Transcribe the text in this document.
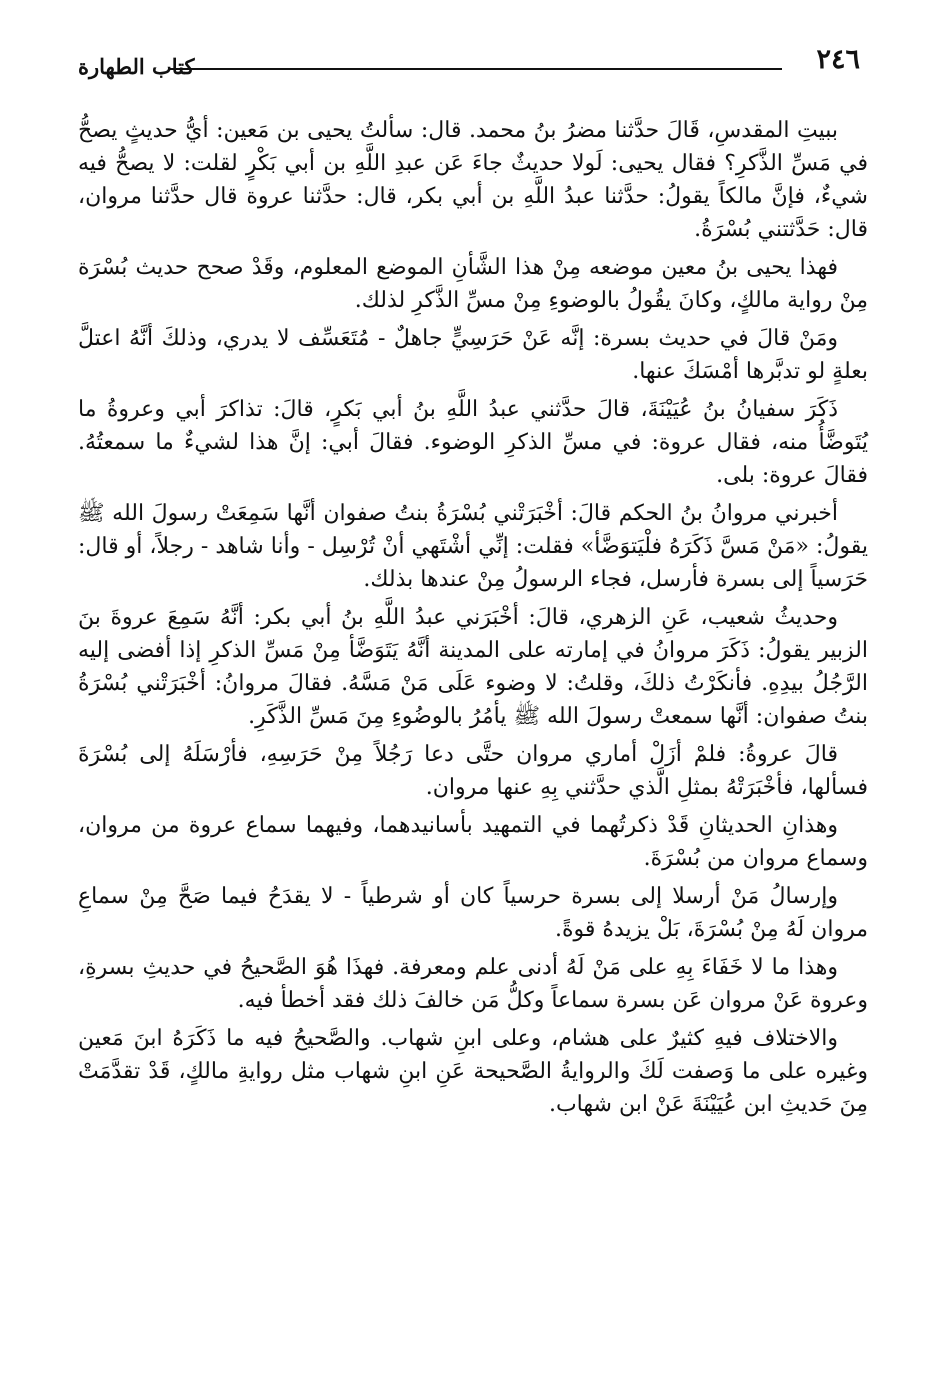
٢٤٦
كتاب الطهارة

ببيتِ المقدسِ، قَالَ حدَّثنا مضرُ بنُ محمد. قال: سألتُ يحيى بن مَعين: أيُّ حديثٍ يصحُّ في مَسِّ الذَّكرِ؟ فقال يحيى: لَولا حديثٌ جاءَ عَن عبدِ اللَّهِ بن أبي بَكْرٍ لقلت: لا يصحُّ فيه شيءٌ، فإنَّ مالكاً يقولُ: حدَّثنا عبدُ اللَّهِ بن أبي بكر، قال: حدَّثنا عروة قال حدَّثنا مروان، قال: حَدَّثتني بُسْرَةُ.

فهذا يحيى بنُ معين موضعه مِنْ هذا الشَّأنِ الموضع المعلوم، وقَدْ صحح حديث بُسْرَة مِنْ رواية مالكٍ، وكانَ يقُولُ بالوضوءِ مِنْ مسِّ الذَّكرِ لذلك.

ومَنْ قالَ في حديث بسرة: إنَّه عَنْ حَرَسِيٍّ جاهلٌ - مُتَعَسِّف لا يدري، وذلكَ أنَّهُ اعتلَّ بعلةٍ لو تدبَّرها أمْسَكَ عنها.

ذَكَرَ سفيانُ بنُ عُيَيْنَةَ، قالَ حدَّثني عبدُ اللَّهِ بنُ أبي بَكرٍ، قالَ: تذاكرَ أبي وعروةُ ما يُتَوضَّأُ منه، فقال عروة: في مسِّ الذكرِ الوضوء. فقالَ أبي: إنَّ هذا لشيءٌ ما سمعتُهُ. فقالَ عروة: بلى.

أخبرني مروانُ بنُ الحكم قالَ: أخْبَرَتْني بُسْرَةُ بنتُ صفوان أنَّها سَمِعَتْ رسولَ الله ﷺ يقولُ: «مَنْ مَسَّ ذَكَرَهُ فلْيَتوَضَّأ» فقلت: إنِّي أشْتَهي أنْ تُرْسِل - وأنا شاهد - رجلاً، أو قال: حَرَسياً إلى بسرة فأرسل، فجاء الرسولُ مِنْ عندها بذلك.

وحديثُ شعيب، عَنِ الزهري، قالَ: أخْبَرَني عبدُ اللَّهِ بنُ أبي بكر: أنَّهُ سَمِعَ عروةَ بنَ الزبير يقولُ: ذَكَرَ مروانُ في إمارته على المدينة أنَّهُ يَتَوَضَّأ مِنْ مَسِّ الذكرِ إذا أفضى إليه الرَّجُلُ بيدِهِ. فأنكَرْتُ ذلكَ، وقلتُ: لا وضوء عَلَى مَنْ مَسَّهُ. فقالَ مروانُ: أخْبَرَتْني بُسْرَةُ بنتُ صفوان: أنَّها سمعتْ رسولَ الله ﷺ يأمُرُ بالوضُوءِ مِنَ مَسِّ الذَّكَرِ.

قالَ عروةُ: فلمْ أزَلْ أماري مروان حتَّى دعا رَجُلاً مِنْ حَرَسِهِ، فأرْسَلَهُ إلى بُسْرَةَ فسألها، فأخْبَرَتْهُ بمثلِ الَّذي حدَّثني بِهِ عنها مروان.

وهذانِ الحديثانِ قَدْ ذكرتُهما في التمهيد بأسانيدهما، وفيهما سماع عروة من مروان، وسماع مروان من بُسْرَةَ.

وإرسالُ مَنْ أرسلا إلى بسرة حرسياً كان أو شرطياً - لا يقدَحُ فيما صَحَّ مِنْ سماعِ مروان لَهُ مِنْ بُسْرَةَ، بَلْ يزيدهُ قوةً.

وهذا ما لا خَفَاءَ بِهِ على مَنْ لَهُ أدنى علم ومعرفة. فهذَا هُوَ الصَّحيحُ في حديثِ بسرةِ، وعروة عَنْ مروان عَن بسرة سماعاً وكلُّ مَن خالفَ ذلك فقد أخطأ فيه.

والاختلاف فيهِ كثيرٌ على هشام، وعلى ابنِ شهاب. والصَّحيحُ فيه ما ذَكَرَهُ ابنَ مَعين وغيره على ما وَصفت لَكَ والروايةُ الصَّحيحة عَنِ ابنِ شهاب مثل روايةِ مالكٍ، قَدْ تقدَّمَتْ مِنَ حَديثِ ابن عُيَيْنَةَ عَنْ ابن شهاب.
